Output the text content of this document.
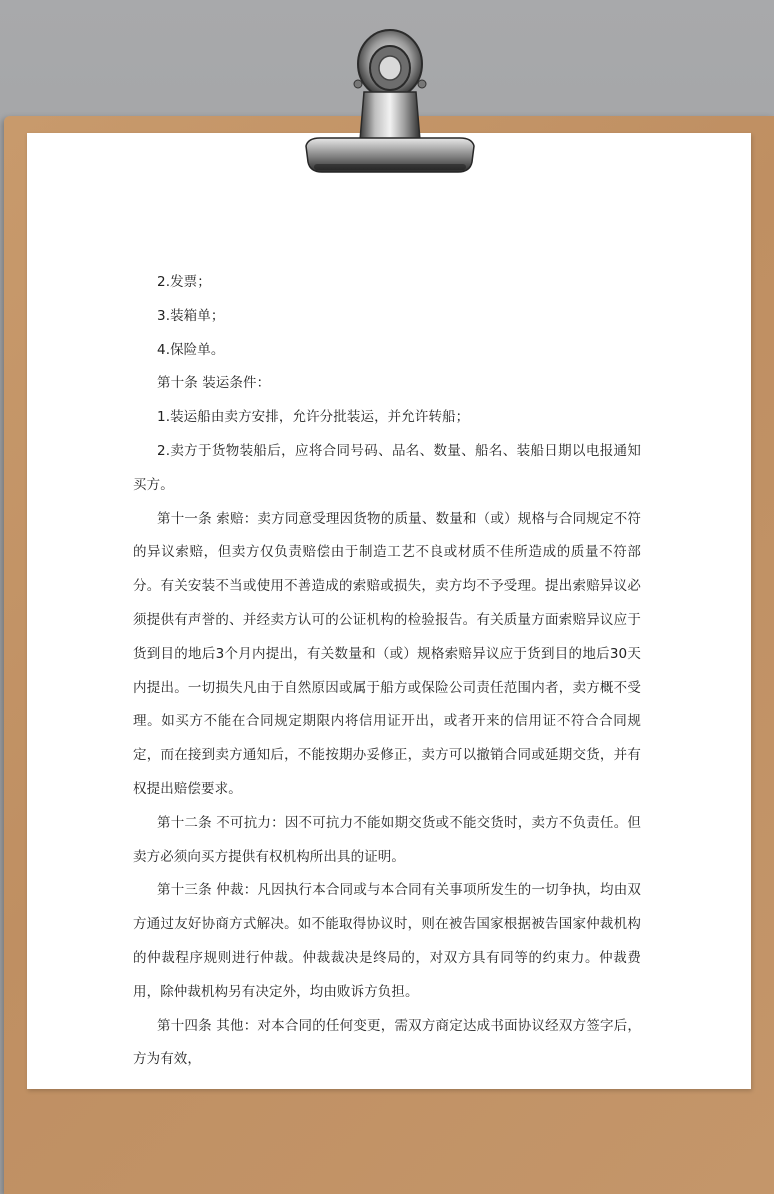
2.发票；

3.装箱单；

4.保险单。

第十条 装运条件：

1.装运船由卖方安排，允许分批装运，并允许转船；

2.卖方于货物装船后，应将合同号码、品名、数量、船名、装船日期以电报通知买方。

第十一条 索赔：卖方同意受理因货物的质量、数量和（或）规格与合同规定不符的异议索赔，但卖方仅负责赔偿由于制造工艺不良或材质不佳所造成的质量不符部分。有关安装不当或使用不善造成的索赔或损失，卖方均不予受理。提出索赔异议必须提供有声誉的、并经卖方认可的公证机构的检验报告。有关质量方面索赔异议应于货到目的地后3个月内提出，有关数量和（或）规格索赔异议应于货到目的地后30天内提出。一切损失凡由于自然原因或属于船方或保险公司责任范围内者，卖方概不受理。如买方不能在合同规定期限内将信用证开出，或者开来的信用证不符合合同规定，而在接到卖方通知后，不能按期办妥修正，卖方可以撤销合同或延期交货，并有权提出赔偿要求。

第十二条 不可抗力：因不可抗力不能如期交货或不能交货时，卖方不负责任。但卖方必须向买方提供有权机构所出具的证明。

第十三条 仲裁：凡因执行本合同或与本合同有关事项所发生的一切争执，均由双方通过友好协商方式解决。如不能取得协议时，则在被告国家根据被告国家仲裁机构的仲裁程序规则进行仲裁。仲裁裁决是终局的，对双方具有同等的约束力。仲裁费用，除仲裁机构另有决定外，均由败诉方负担。

第十四条 其他：对本合同的任何变更，需双方商定达成书面协议经双方签字后，方为有效，
